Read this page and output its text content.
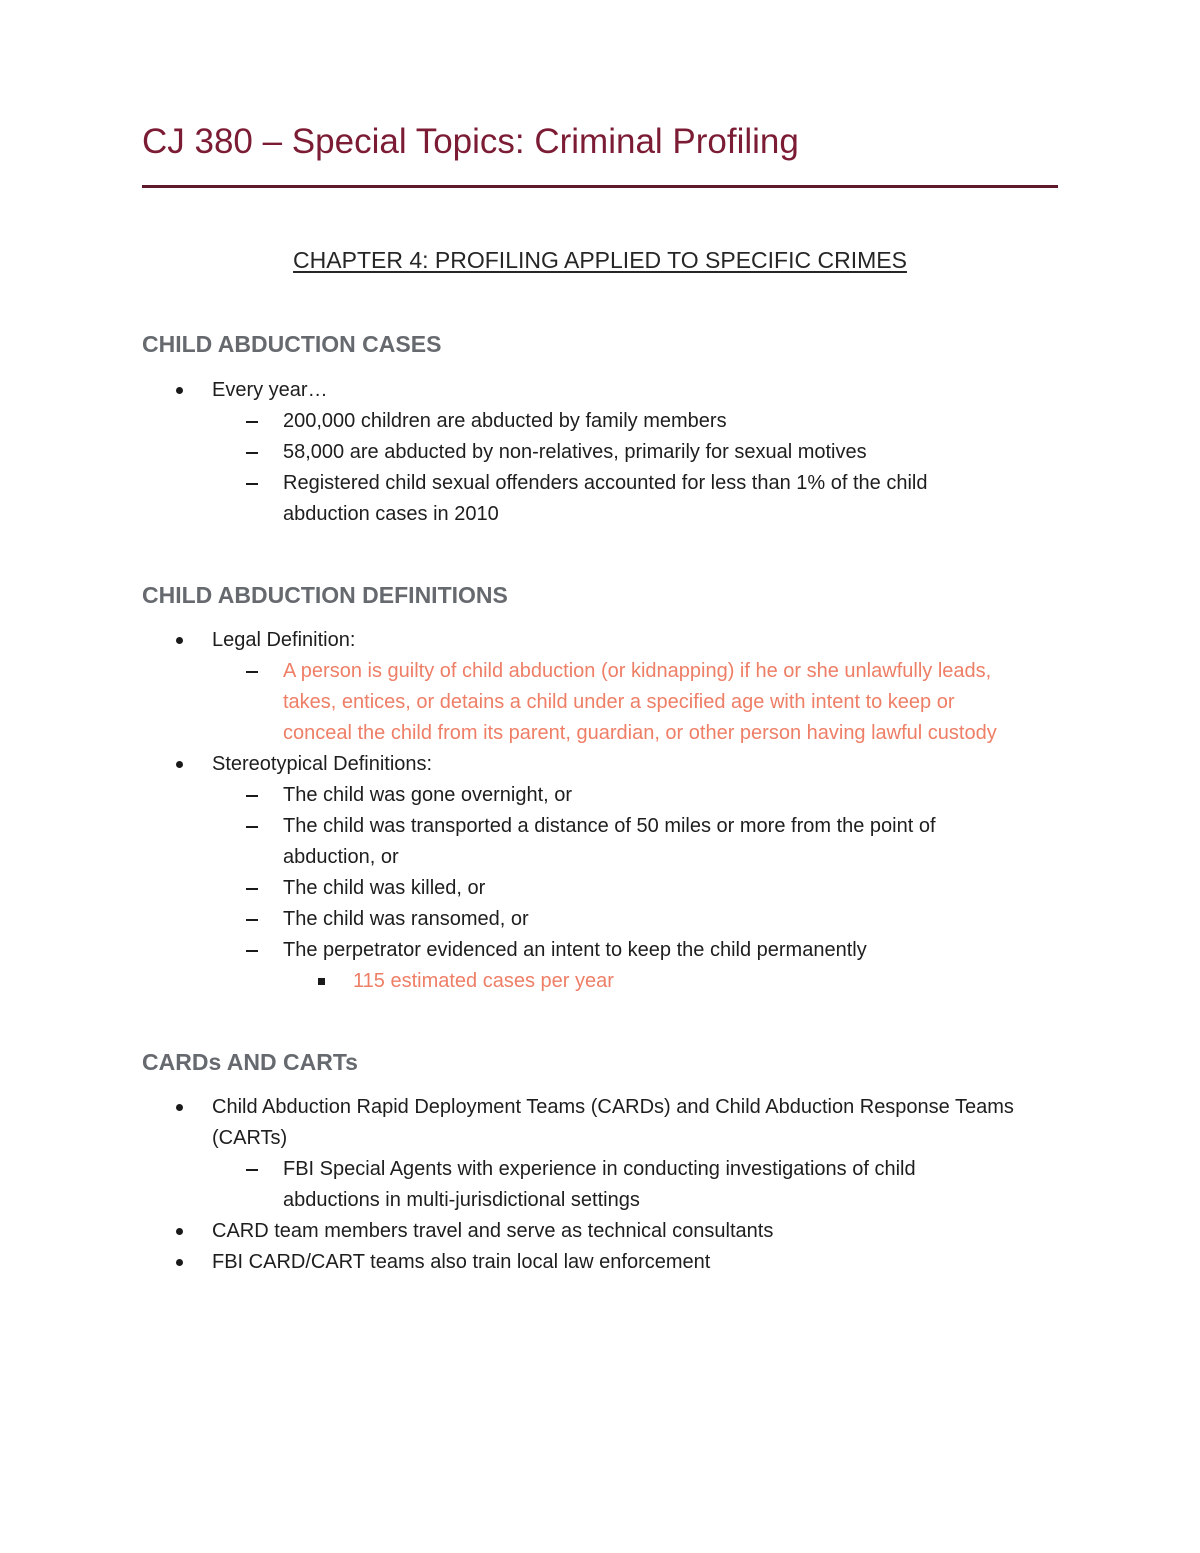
CJ 380 – Special Topics: Criminal Profiling
CHAPTER 4: PROFILING APPLIED TO SPECIFIC CRIMES
CHILD ABDUCTION CASES
Every year…
200,000 children are abducted by family members
58,000 are abducted by non-relatives, primarily for sexual motives
Registered child sexual offenders accounted for less than 1% of the child
abduction cases in 2010
CHILD ABDUCTION DEFINITIONS
Legal Definition:
A person is guilty of child abduction (or kidnapping) if he or she unlawfully leads,
takes, entices, or detains a child under a specified age with intent to keep or
conceal the child from its parent, guardian, or other person having lawful custody
Stereotypical Definitions:
The child was gone overnight, or
The child was transported a distance of 50 miles or more from the point of
abduction, or
The child was killed, or
The child was ransomed, or
The perpetrator evidenced an intent to keep the child permanently
115 estimated cases per year
CARDs AND CARTs
Child Abduction Rapid Deployment Teams (CARDs) and Child Abduction Response Teams
(CARTs)
FBI Special Agents with experience in conducting investigations of child
abductions in multi-jurisdictional settings
CARD team members travel and serve as technical consultants
FBI CARD/CART teams also train local law enforcement
